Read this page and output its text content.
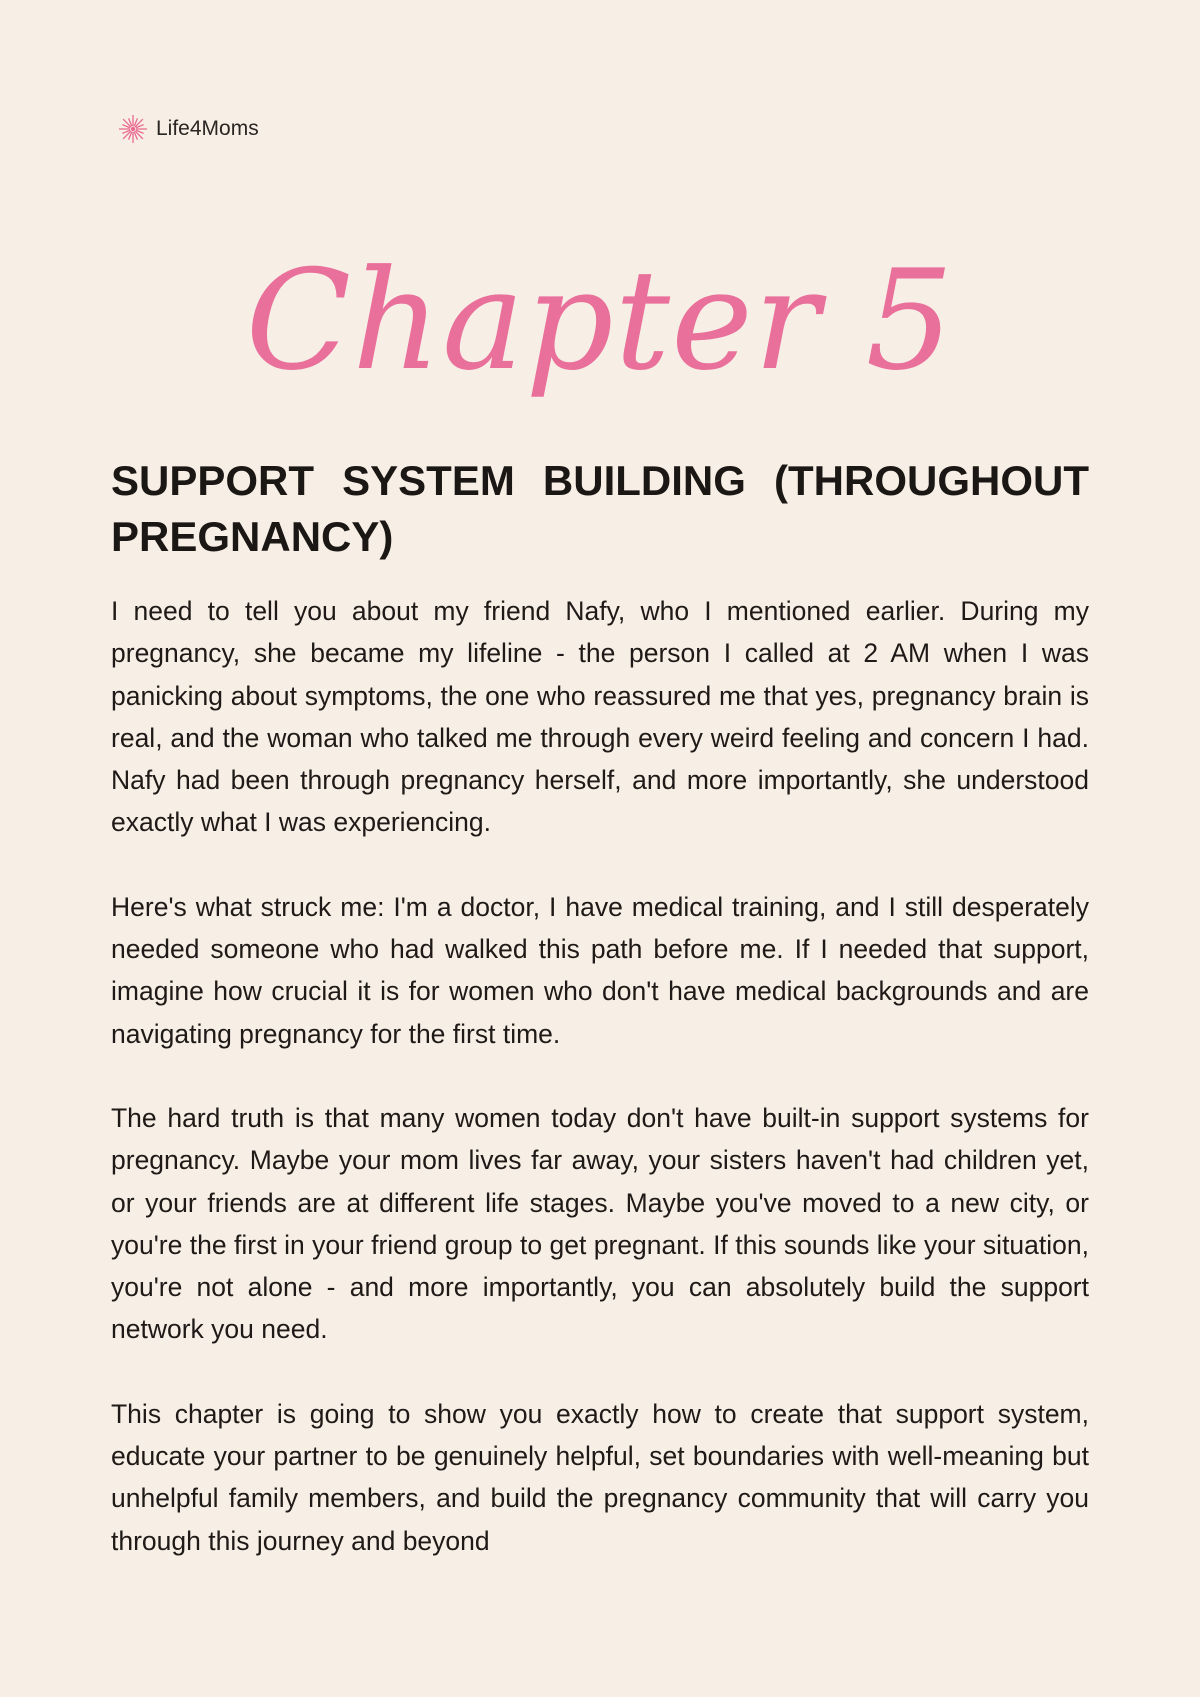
Life4Moms
Chapter 5
SUPPORT SYSTEM BUILDING (THROUGHOUT PREGNANCY)

I need to tell you about my friend Nafy, who I mentioned earlier. During my pregnancy, she became my lifeline - the person I called at 2 AM when I was panicking about symptoms, the one who reassured me that yes, pregnancy brain is real, and the woman who talked me through every weird feeling and concern I had. Nafy had been through pregnancy herself, and more importantly, she understood exactly what I was experiencing.

Here's what struck me: I'm a doctor, I have medical training, and I still desperately needed someone who had walked this path before me. If I needed that support, imagine how crucial it is for women who don't have medical backgrounds and are navigating pregnancy for the first time.

The hard truth is that many women today don't have built-in support systems for pregnancy. Maybe your mom lives far away, your sisters haven't had children yet, or your friends are at different life stages. Maybe you've moved to a new city, or you're the first in your friend group to get pregnant. If this sounds like your situation, you're not alone - and more importantly, you can absolutely build the support network you need.

This chapter is going to show you exactly how to create that support system, educate your partner to be genuinely helpful, set boundaries with well-meaning but unhelpful family members, and build the pregnancy community that will carry you through this journey and beyond
